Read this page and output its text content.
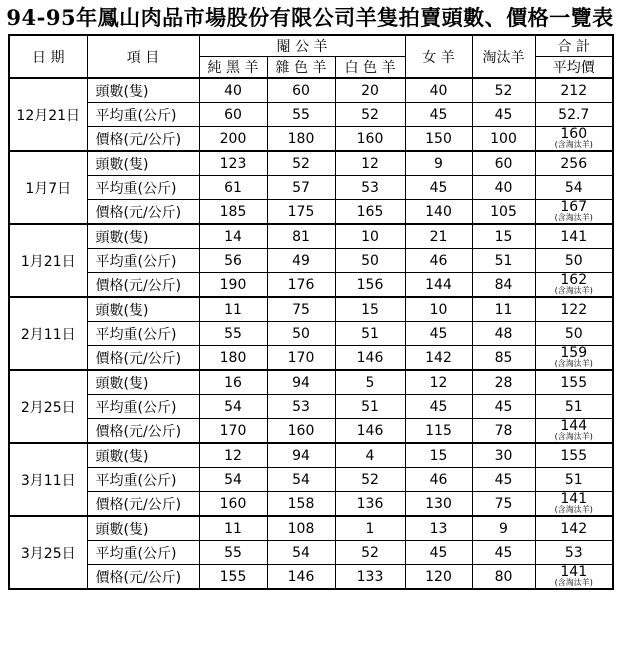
94-95年鳳山肉品市場股份有限公司羊隻拍賣頭數、價格一覽表
日 期	項 目	閹 公 羊			女 羊	淘汰羊	合 計
		純 黑 羊	雜 色 羊	白 色 羊			平均價
12月21日	頭數(隻)	40	60	20	40	52	212
	平均重(公斤)	60	55	52	45	45	52.7
	價格(元/公斤)	200	180	160	150	100	160
(含淘汰羊)

1月7日	頭數(隻)	123	52	12	9	60	256
	平均重(公斤)	61	57	53	45	40	54
	價格(元/公斤)	185	175	165	140	105	167
(含淘汰羊)

1月21日	頭數(隻)	14	81	10	21	15	141
	平均重(公斤)	56	49	50	46	51	50
	價格(元/公斤)	190	176	156	144	84	162
(含淘汰羊)

2月11日	頭數(隻)	11	75	15	10	11	122
	平均重(公斤)	55	50	51	45	48	50
	價格(元/公斤)	180	170	146	142	85	159
(含淘汰羊)

2月25日	頭數(隻)	16	94	5	12	28	155
	平均重(公斤)	54	53	51	45	45	51
	價格(元/公斤)	170	160	146	115	78	144
(含淘汰羊)

3月11日	頭數(隻)	12	94	4	15	30	155
	平均重(公斤)	54	54	52	46	45	51
	價格(元/公斤)	160	158	136	130	75	141
(含淘汰羊)

3月25日	頭數(隻)	11	108	1	13	9	142
	平均重(公斤)	55	54	52	45	45	53
	價格(元/公斤)	155	146	133	120	80	141
(含淘汰羊)
